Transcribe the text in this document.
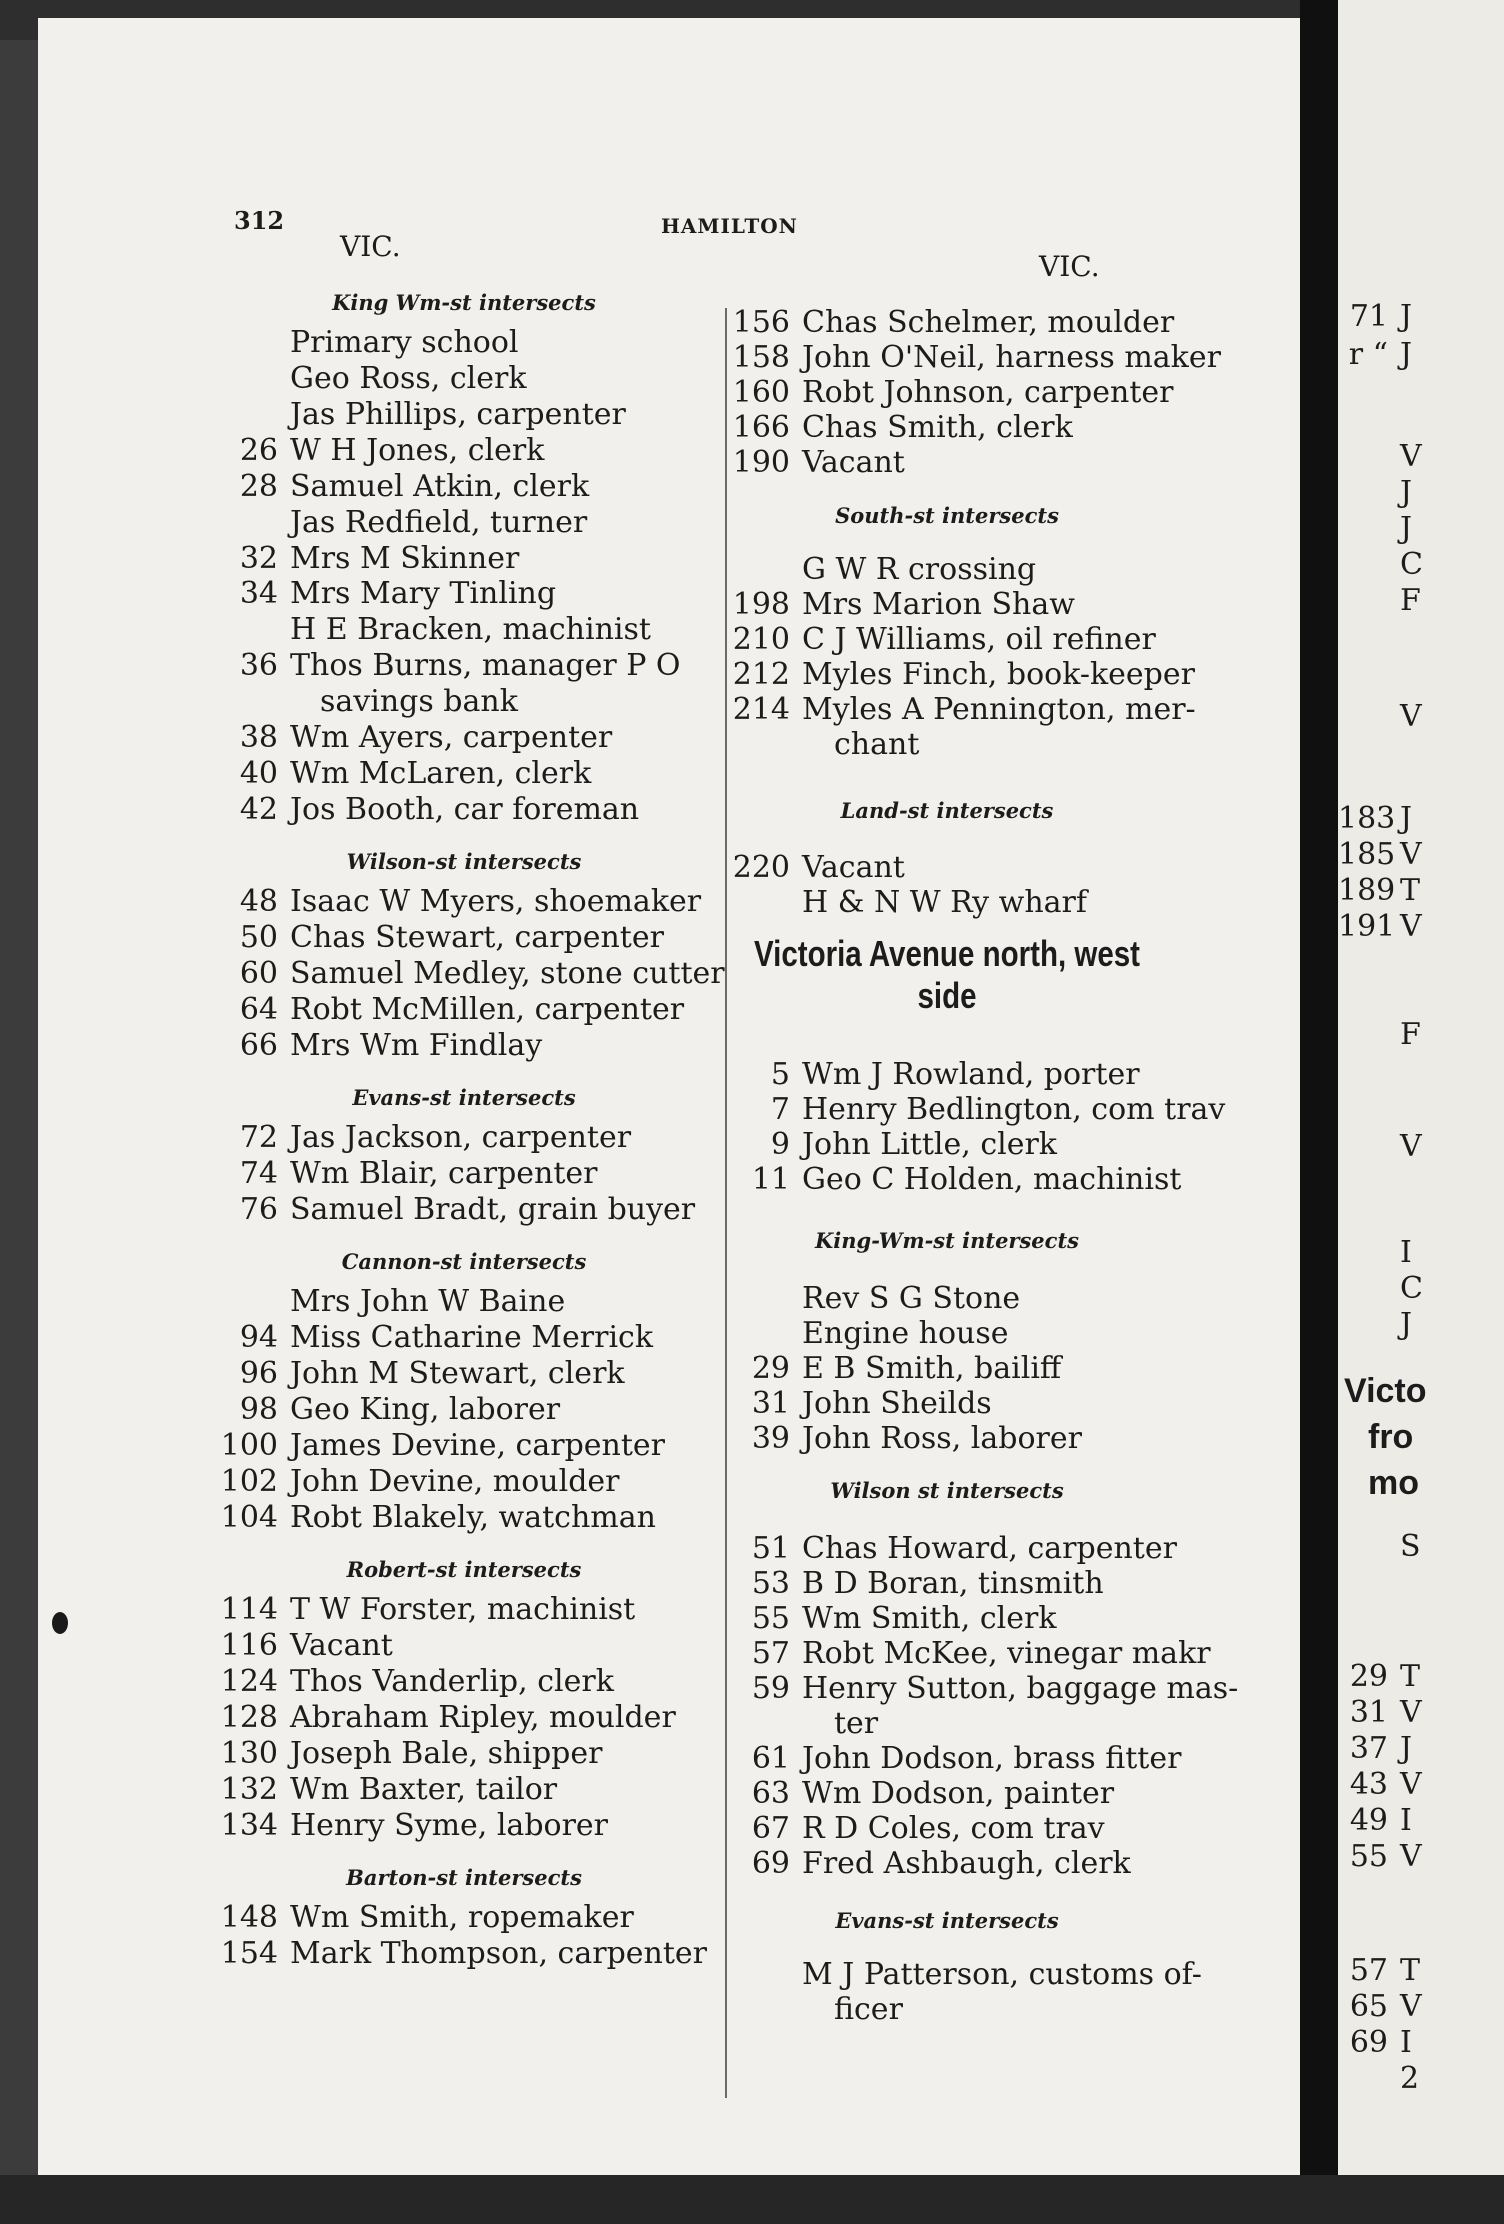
312	HAMILTON
VIC.
VIC.
King Wm-st intersects
Primary school
Geo Ross, clerk
Jas Phillips, carpenter
26 W H Jones, clerk
28 Samuel Atkin, clerk
Jas Redfield, turner
32 Mrs M Skinner
34 Mrs Mary Tinling
H E Bracken, machinist
36 Thos Burns, manager P O
savings bank
38 Wm Ayers, carpenter
40 Wm McLaren, clerk
42 Jos Booth, car foreman
Wilson-st intersects
48 Isaac W Myers, shoemaker
50 Chas Stewart, carpenter
60 Samuel Medley, stone cutter
64 Robt McMillen, carpenter
66 Mrs Wm Findlay
Evans-st intersects
72 Jas Jackson, carpenter
74 Wm Blair, carpenter
76 Samuel Bradt, grain buyer
Cannon-st intersects
Mrs John W Baine
94 Miss Catharine Merrick
96 John M Stewart, clerk
98 Geo King, laborer
100 James Devine, carpenter
102 John Devine, moulder
104 Robt Blakely, watchman
Robert-st intersects
114 T W Forster, machinist
116 Vacant
124 Thos Vanderlip, clerk
128 Abraham Ripley, moulder
130 Joseph Bale, shipper
132 Wm Baxter, tailor
134 Henry Syme, laborer
Barton-st intersects
148 Wm Smith, ropemaker
154 Mark Thompson, carpenter
156 Chas Schelmer, moulder
158 John O'Neil, harness maker
160 Robt Johnson, carpenter
166 Chas Smith, clerk
190 Vacant
South-st intersects
G W R crossing
198 Mrs Marion Shaw
210 C J Williams, oil refiner
212 Myles Finch, book-keeper
214 Myles A Pennington, mer-
chant
Land-st intersects
220 Vacant
H & N W Ry wharf
Victoria Avenue north, west side
5 Wm J Rowland, porter
7 Henry Bedlington, com trav
9 John Little, clerk
11 Geo C Holden, machinist
King-Wm-st intersects
Rev S G Stone
Engine house
29 E B Smith, bailiff
31 John Sheilds
39 John Ross, laborer
Wilson st intersects
51 Chas Howard, carpenter
53 B D Boran, tinsmith
55 Wm Smith, clerk
57 Robt McKee, vinegar makr
59 Henry Sutton, baggage mas-
ter
61 John Dodson, brass fitter
63 Wm Dodson, painter
67 R D Coles, com trav
69 Fred Ashbaugh, clerk
Evans-st intersects
M J Patterson, customs of-
ficer
71 J
r “ J
V
J
J
C
F
V
183 J
185 V
189 T
191 V
F
V
I
C
J
S
29 T
31 V
37 J
43 V
49 I
55 V
57 T
65 V
69 I
2
Victo
fro
mo
